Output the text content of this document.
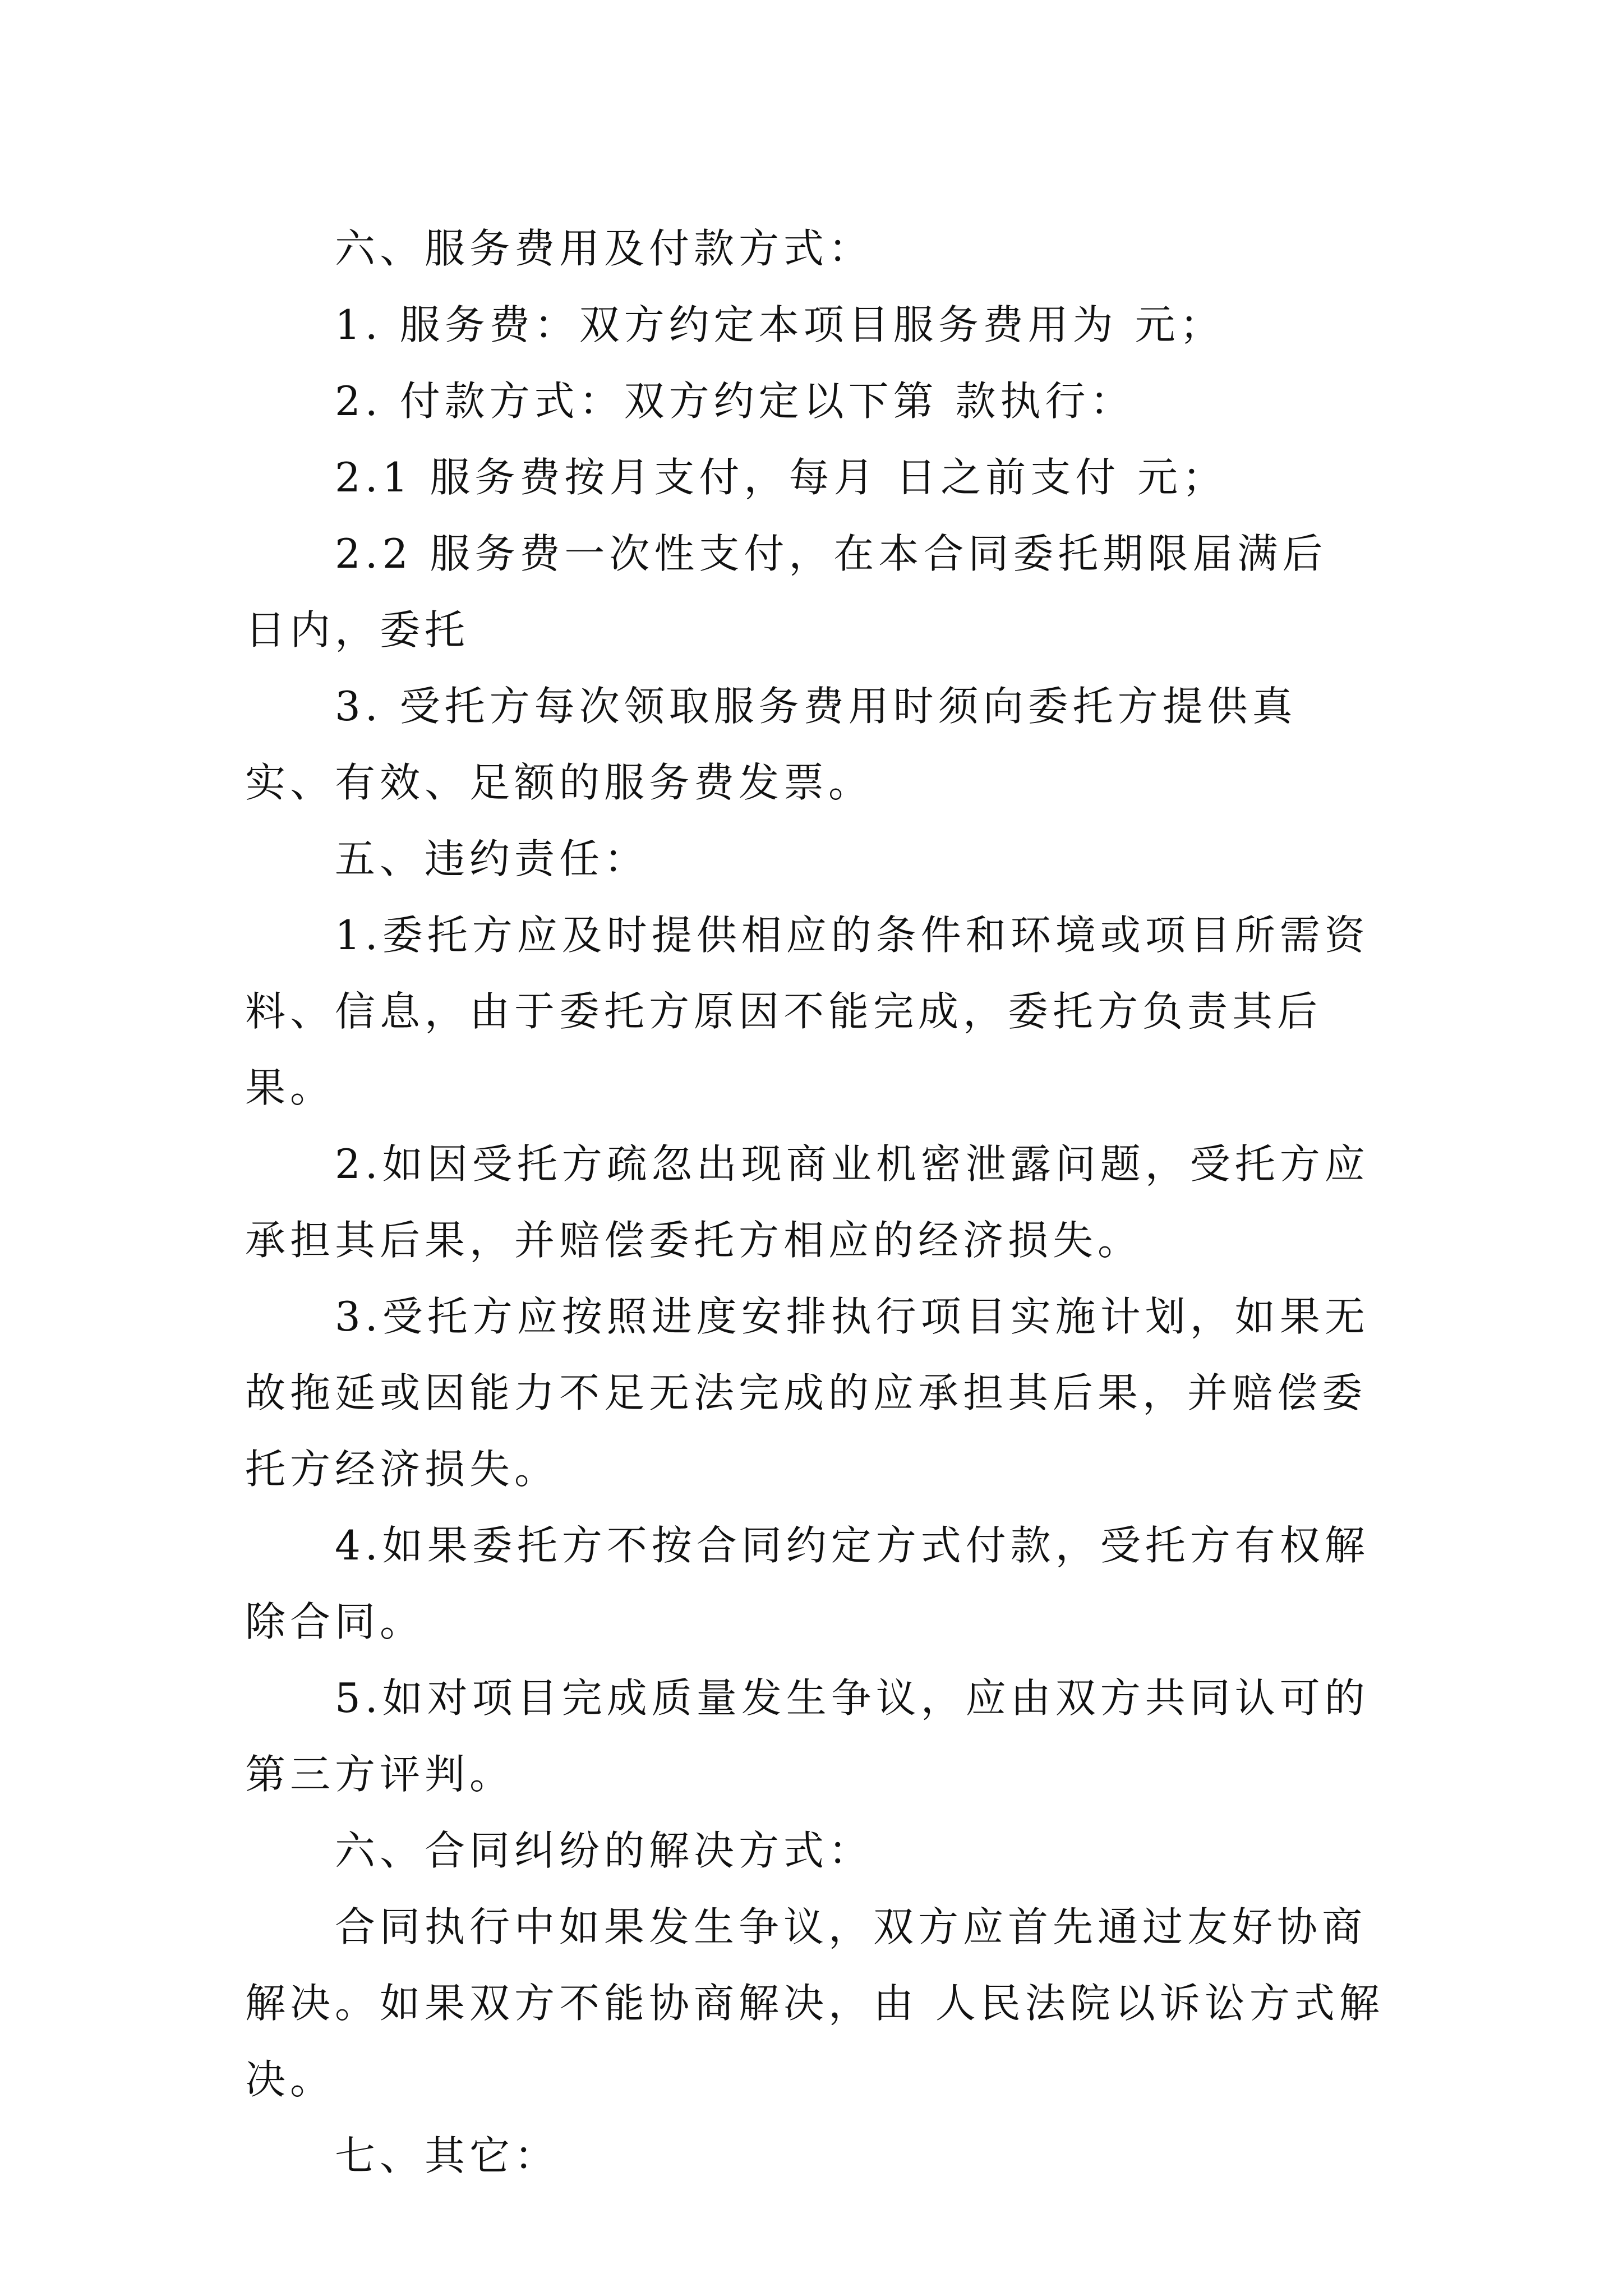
六、服务费用及付款方式：

1. 服务费：双方约定本项目服务费用为 元；

2. 付款方式：双方约定以下第 款执行：

2.1 服务费按月支付，每月 日之前支付 元；

2.2 服务费一次性支付，在本合同委托期限届满后 日内，委托

3. 受托方每次领取服务费用时须向委托方提供真实、有效、足额的服务费发票。

五、违约责任：

1.委托方应及时提供相应的条件和环境或项目所需资料、信息，由于委托方原因不能完成，委托方负责其后果。

2.如因受托方疏忽出现商业机密泄露问题，受托方应承担其后果，并赔偿委托方相应的经济损失。

3.受托方应按照进度安排执行项目实施计划，如果无故拖延或因能力不足无法完成的应承担其后果，并赔偿委托方经济损失。

4.如果委托方不按合同约定方式付款，受托方有权解除合同。

5.如对项目完成质量发生争议，应由双方共同认可的第三方评判。

六、合同纠纷的解决方式：

合同执行中如果发生争议，双方应首先通过友好协商解决。如果双方不能协商解决，由 人民法院以诉讼方式解决。

七、其它：
